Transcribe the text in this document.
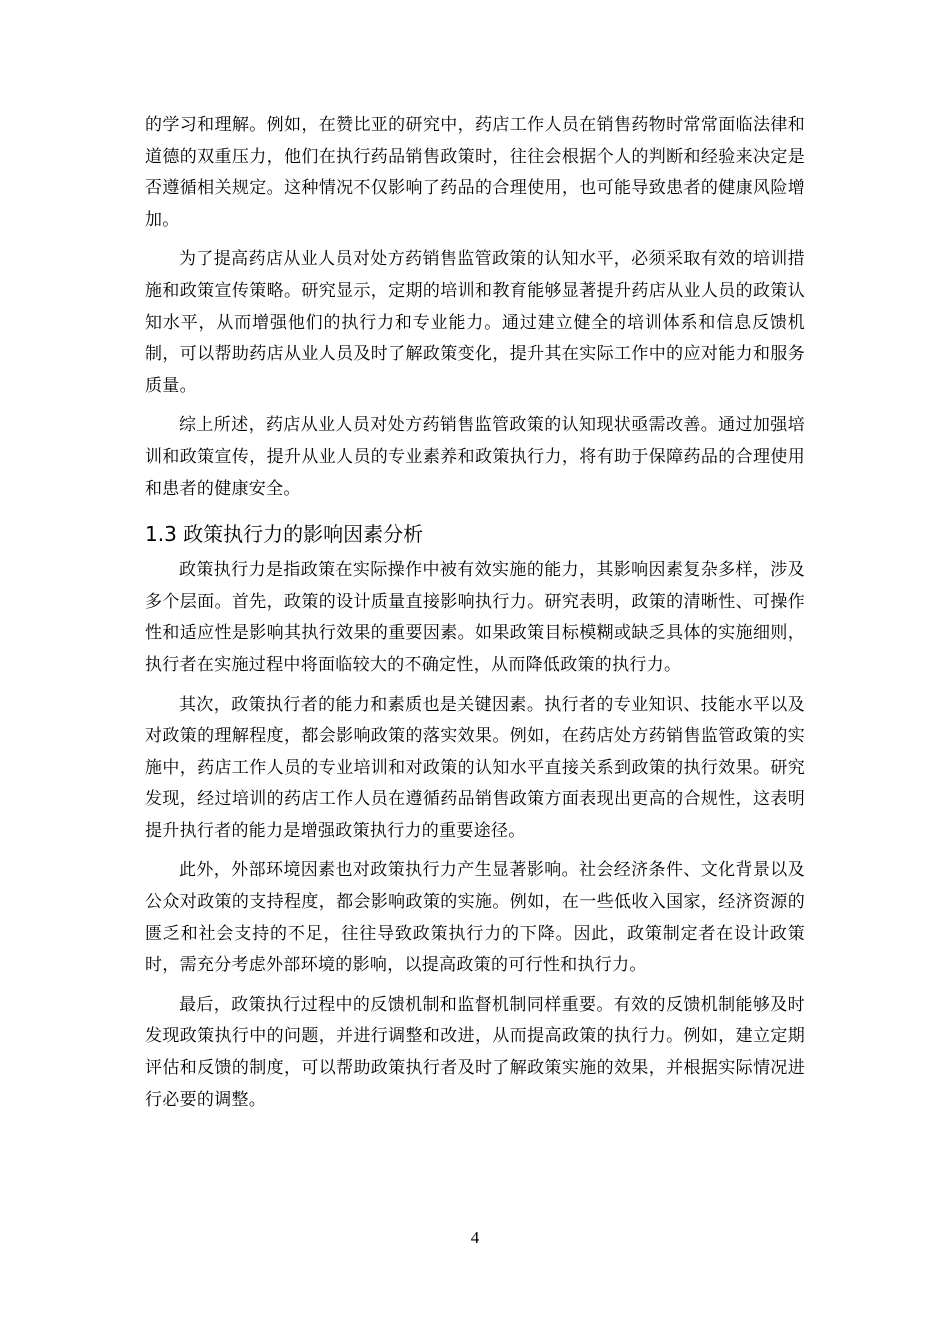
的学习和理解。例如，在赞比亚的研究中，药店工作人员在销售药物时常常面临法律和道德的双重压力，他们在执行药品销售政策时，往往会根据个人的判断和经验来决定是否遵循相关规定。这种情况不仅影响了药品的合理使用，也可能导致患者的健康风险增加。

为了提高药店从业人员对处方药销售监管政策的认知水平，必须采取有效的培训措施和政策宣传策略。研究显示，定期的培训和教育能够显著提升药店从业人员的政策认知水平，从而增强他们的执行力和专业能力。通过建立健全的培训体系和信息反馈机制，可以帮助药店从业人员及时了解政策变化，提升其在实际工作中的应对能力和服务质量。

综上所述，药店从业人员对处方药销售监管政策的认知现状亟需改善。通过加强培训和政策宣传，提升从业人员的专业素养和政策执行力，将有助于保障药品的合理使用和患者的健康安全。

1.3 政策执行力的影响因素分析

政策执行力是指政策在实际操作中被有效实施的能力，其影响因素复杂多样，涉及多个层面。首先，政策的设计质量直接影响执行力。研究表明，政策的清晰性、可操作性和适应性是影响其执行效果的重要因素。如果政策目标模糊或缺乏具体的实施细则，执行者在实施过程中将面临较大的不确定性，从而降低政策的执行力。

其次，政策执行者的能力和素质也是关键因素。执行者的专业知识、技能水平以及对政策的理解程度，都会影响政策的落实效果。例如，在药店处方药销售监管政策的实施中，药店工作人员的专业培训和对政策的认知水平直接关系到政策的执行效果。研究发现，经过培训的药店工作人员在遵循药品销售政策方面表现出更高的合规性，这表明提升执行者的能力是增强政策执行力的重要途径。

此外，外部环境因素也对政策执行力产生显著影响。社会经济条件、文化背景以及公众对政策的支持程度，都会影响政策的实施。例如，在一些低收入国家，经济资源的匮乏和社会支持的不足，往往导致政策执行力的下降。因此，政策制定者在设计政策时，需充分考虑外部环境的影响，以提高政策的可行性和执行力。

最后，政策执行过程中的反馈机制和监督机制同样重要。有效的反馈机制能够及时发现政策执行中的问题，并进行调整和改进，从而提高政策的执行力。例如，建立定期评估和反馈的制度，可以帮助政策执行者及时了解政策实施的效果，并根据实际情况进行必要的调整。

4
